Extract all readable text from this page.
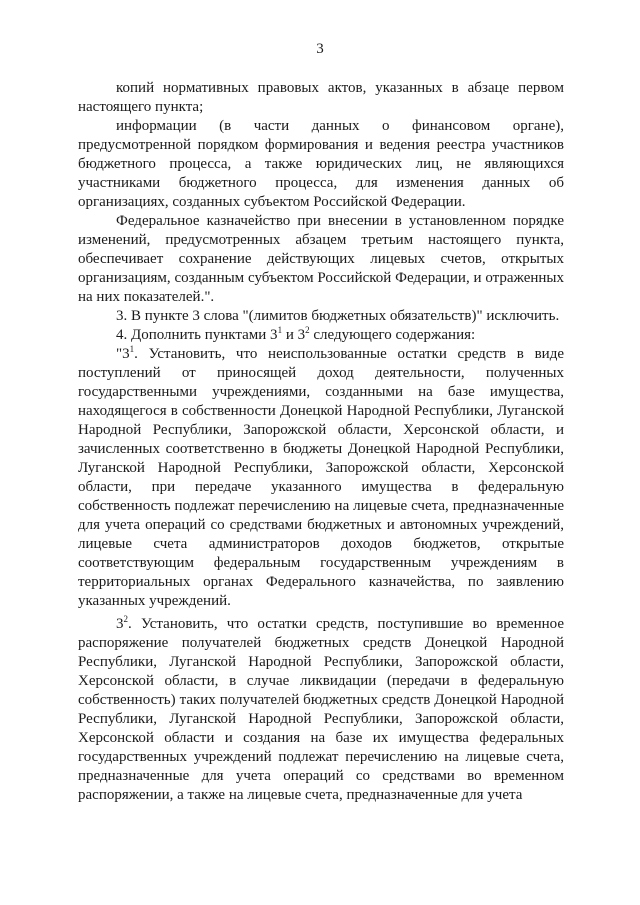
3

копий нормативных правовых актов, указанных в абзаце первом настоящего пункта;

информации (в части данных о финансовом органе), предусмотренной порядком формирования и ведения реестра участников бюджетного процесса, а также юридических лиц, не являющихся участниками бюджетного процесса, для изменения данных об организациях, созданных субъектом Российской Федерации.

Федеральное казначейство при внесении в установленном порядке изменений, предусмотренных абзацем третьим настоящего пункта, обеспечивает сохранение действующих лицевых счетов, открытых организациям, созданным субъектом Российской Федерации, и отраженных на них показателей.".

3. В пункте 3 слова "(лимитов бюджетных обязательств)" исключить.

4. Дополнить пунктами $3^1$ и $3^2$ следующего содержания:

"$3^1$. Установить, что неиспользованные остатки средств в виде поступлений от приносящей доход деятельности, полученных государственными учреждениями, созданными на базе имущества, находящегося в собственности Донецкой Народной Республики, Луганской Народной Республики, Запорожской области, Херсонской области, и зачисленных соответственно в бюджеты Донецкой Народной Республики, Луганской Народной Республики, Запорожской области, Херсонской области, при передаче указанного имущества в федеральную собственность подлежат перечислению на лицевые счета, предназначенные для учета операций со средствами бюджетных и автономных учреждений, лицевые счета администраторов доходов бюджетов, открытые соответствующим федеральным государственным учреждениям в территориальных органах Федерального казначейства, по заявлению указанных учреждений.

$3^2$. Установить, что остатки средств, поступившие во временное распоряжение получателей бюджетных средств Донецкой Народной Республики, Луганской Народной Республики, Запорожской области, Херсонской области, в случае ликвидации (передачи в федеральную собственность) таких получателей бюджетных средств Донецкой Народной Республики, Луганской Народной Республики, Запорожской области, Херсонской области и создания на базе их имущества федеральных государственных учреждений подлежат перечислению на лицевые счета, предназначенные для учета операций со средствами во временном распоряжении, а также на лицевые счета, предназначенные для учета
